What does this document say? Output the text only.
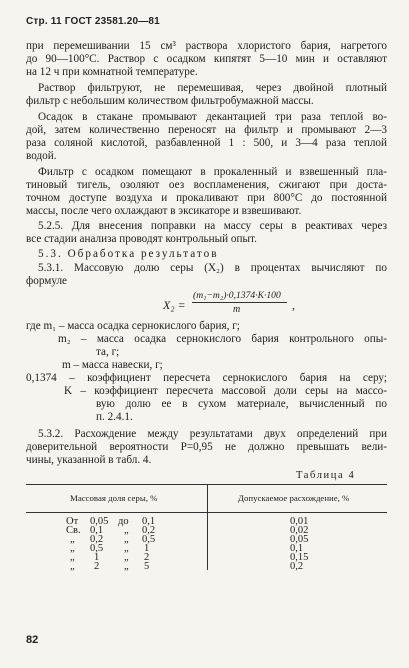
Стр. 11 ГОСТ 23581.20—81
при перемешивании 15 см³ раствора хлористого бария, нагретого
до 90—100°С. Раствор с осадком кипятят 5—10 мин и оставляют
на 12 ч при комнатной температуре.
Раствор фильтруют, не перемешивая, через двойной плотный
фильтр с небольшим количеством фильтробумажной массы.
Осадок в стакане промывают декантацией три раза теплой во-
дой, затем количественно переносят на фильтр и промывают 2—3
раза соляной кислотой, разбавленной 1 : 500, и 3—4 раза теплой
водой.
Фильтр с осадком помещают в прокаленный и взвешенный пла-
тиновый тигель, озоляют оез воспламенения, сжигают при доста-
точном доступе воздуха и прокаливают при 800°С до постоянной
массы, после чего охлаждают в эксикаторе и взвешивают.
5.2.5. Для внесения поправки на массу серы в реактивах через
все стадии анализа проводят контрольный опыт.
5.3. Обработка результатов
5.3.1. Массовую долю серы (X₂) в процентах вычисляют по
формуле
X₂ =
(m₁−m₂)·0,1374·K·100
m	,
где m₁ – масса осадка сернокислого бария, г;
m₂ – масса осадка сернокислого бария контрольного опы-
та, г;
m – масса навески, г;
0,1374 – коэффициент пересчета сернокислого бария на серу;
K – коэффициент пересчета массовой доли серы на массо-
вую долю ее в сухом материале, вычисленный по
п. 2.4.1.
5.3.2. Расхождение между результатами двух определений при
доверительной вероятности P=0,95 не должно превышать вели-
чины, указанной в табл. 4.
Таблица 4
Массовая доля серы, %	Допускаемое расхождение, %
От 0,05 до 0,1	0,01
Св. 0,1 „ 0,2	0,02
„ 0,2 „ 0,5	0,05
„ 0,5 „ 1	0,1
„ 1 „ 2	0,15
„ 2 „ 5	0,2
82
